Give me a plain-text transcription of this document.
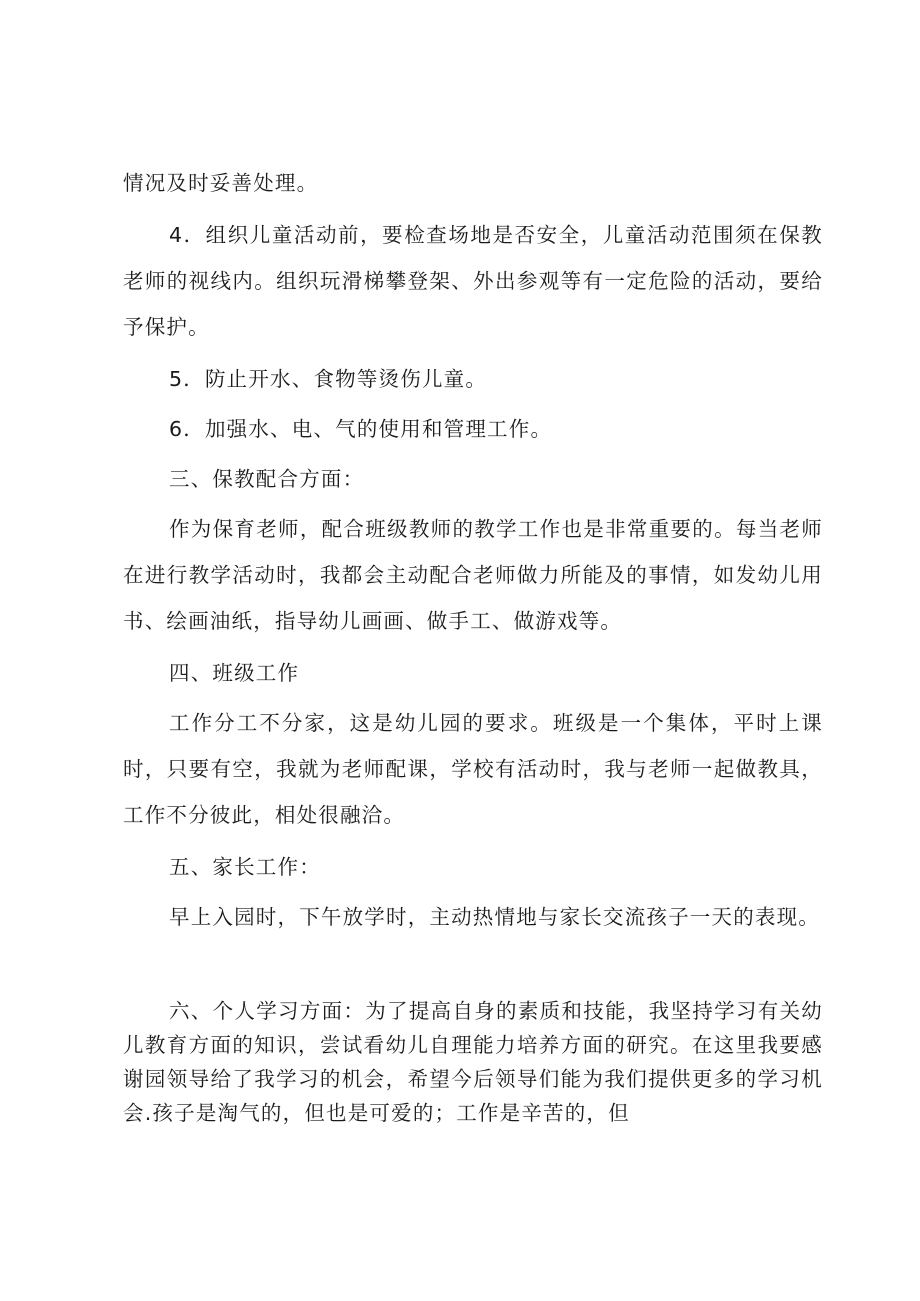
情况及时妥善处理。

4．组织儿童活动前，要检查场地是否安全，儿童活动范围须在保教老师的视线内。组织玩滑梯攀登架、外出参观等有一定危险的活动，要给予保护。

5．防止开水、食物等烫伤儿童。

6．加强水、电、气的使用和管理工作。

三、保教配合方面：

作为保育老师，配合班级教师的教学工作也是非常重要的。每当老师在进行教学活动时，我都会主动配合老师做力所能及的事情，如发幼儿用书、绘画油纸，指导幼儿画画、做手工、做游戏等。

四、班级工作

工作分工不分家，这是幼儿园的要求。班级是一个集体，平时上课时，只要有空，我就为老师配课，学校有活动时，我与老师一起做教具，工作不分彼此，相处很融洽。

五、家长工作：

早上入园时，下午放学时，主动热情地与家长交流孩子一天的表现。

六、个人学习方面：为了提高自身的素质和技能，我坚持学习有关幼儿教育方面的知识，尝试看幼儿自理能力培养方面的研究。在这里我要感谢园领导给了我学习的机会，希望今后领导们能为我们提供更多的学习机会.孩子是淘气的，但也是可爱的；工作是辛苦的，但
